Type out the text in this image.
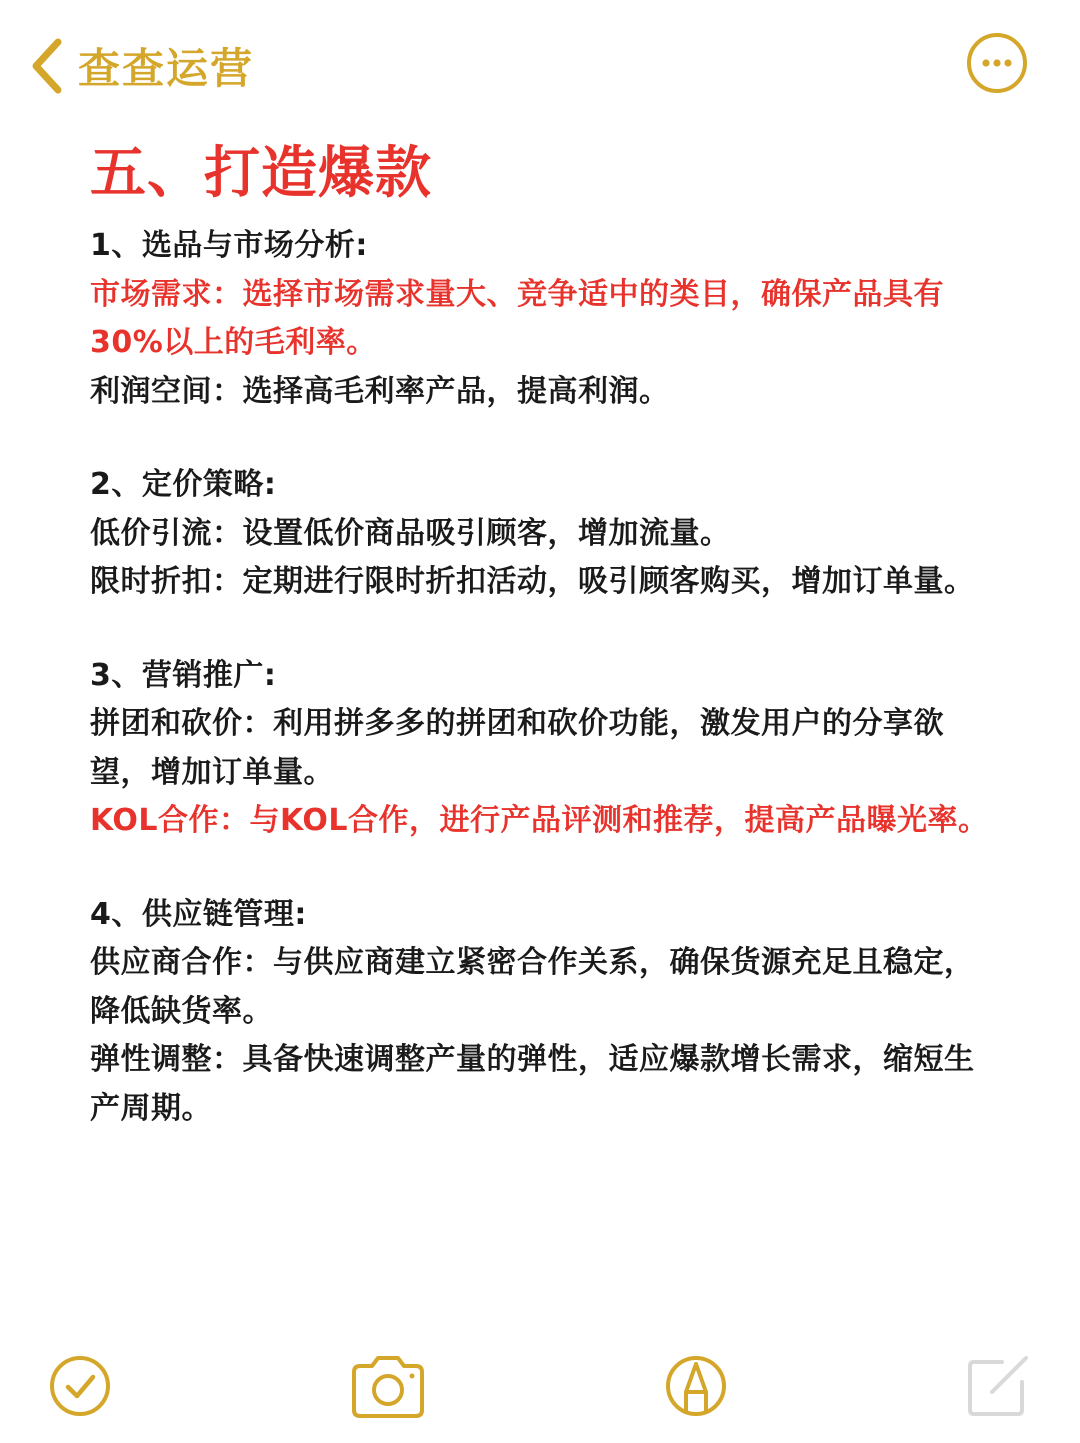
查查运营
五、打造爆款

1、选品与市场分析:

市场需求：选择市场需求量大、竞争适中的类目，确保产品具有30%以上的毛利率。

利润空间：选择高毛利率产品，提高利润。

2、定价策略:

低价引流：设置低价商品吸引顾客，增加流量。

限时折扣：定期进行限时折扣活动，吸引顾客购买，增加订单量。

3、营销推广:

拼团和砍价：利用拼多多的拼团和砍价功能，激发用户的分享欲望，增加订单量。

KOL合作：与KOL合作，进行产品评测和推荐，提高产品曝光率。

4、供应链管理:

供应商合作：与供应商建立紧密合作关系，确保货源充足且稳定，降低缺货率。

弹性调整：具备快速调整产量的弹性，适应爆款增长需求，缩短生产周期。
